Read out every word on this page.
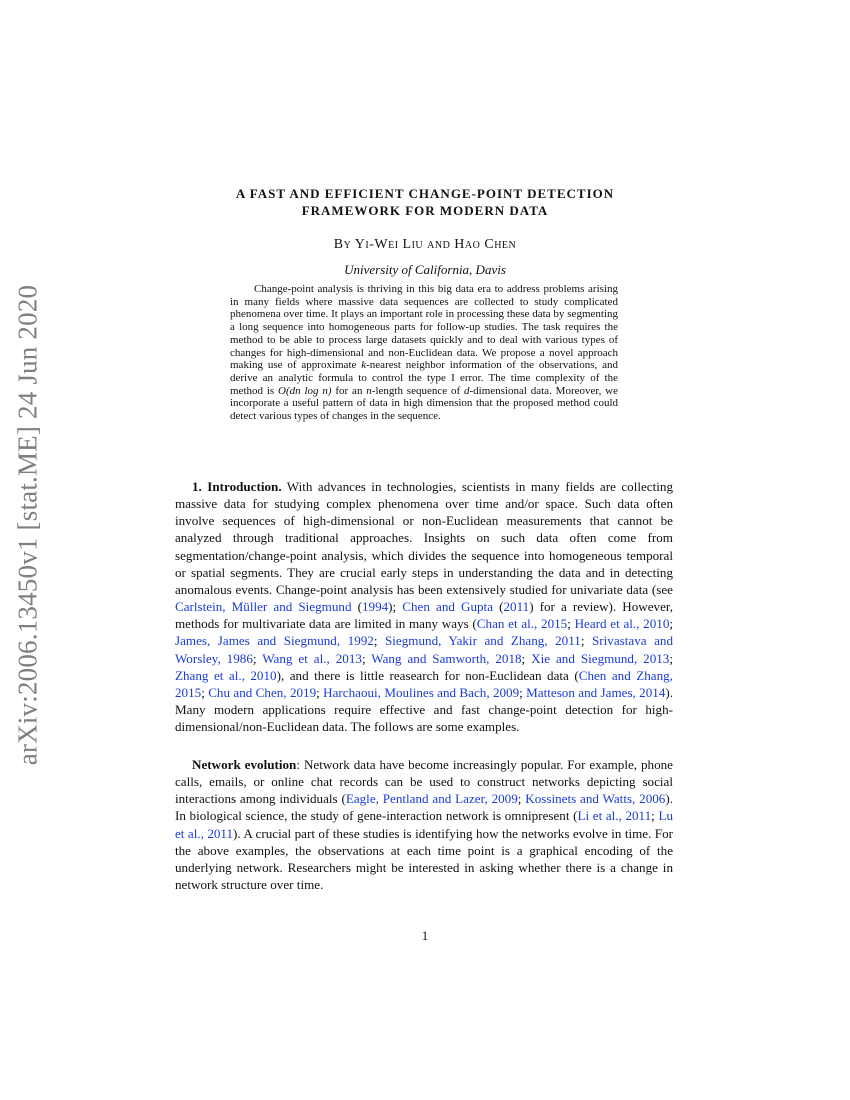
arXiv:2006.13450v1 [stat.ME] 24 Jun 2020
A FAST AND EFFICIENT CHANGE-POINT DETECTION
FRAMEWORK FOR MODERN DATA
By Yi-Wei Liu and Hao Chen
University of California, Davis

Change-point analysis is thriving in this big data era to address problems arising in many fields where massive data sequences are collected to study complicated phenomena over time. It plays an important role in processing these data by segmenting a long sequence into homogeneous parts for follow-up studies. The task requires the method to be able to process large datasets quickly and to deal with various types of changes for high-dimensional and non-Euclidean data. We propose a novel approach making use of approximate k-nearest neighbor information of the observations, and derive an analytic formula to control the type I error. The time complexity of the method is O(dn log n) for an n-length sequence of d-dimensional data. Moreover, we incorporate a useful pattern of data in high dimension that the proposed method could detect various types of changes in the sequence.

1. Introduction. With advances in technologies, scientists in many fields are collecting massive data for studying complex phenomena over time and/or space. Such data often involve sequences of high-dimensional or non-Euclidean measurements that cannot be analyzed through traditional approaches. Insights on such data often come from segmentation/change-point analysis, which divides the sequence into homogeneous temporal or spatial segments. They are crucial early steps in understanding the data and in detecting anomalous events. Change-point analysis has been extensively studied for univariate data (see Carlstein, Müller and Siegmund (1994); Chen and Gupta (2011) for a review). However, methods for multivariate data are limited in many ways (Chan et al., 2015; Heard et al., 2010; James, James and Siegmund, 1992; Siegmund, Yakir and Zhang, 2011; Srivastava and Worsley, 1986; Wang et al., 2013; Wang and Samworth, 2018; Xie and Siegmund, 2013; Zhang et al., 2010), and there is little reasearch for non-Euclidean data (Chen and Zhang, 2015; Chu and Chen, 2019; Harchaoui, Moulines and Bach, 2009; Matteson and James, 2014). Many modern applications require effective and fast change-point detection for high-dimensional/non-Euclidean data. The follows are some examples.

Network evolution: Network data have become increasingly popular. For example, phone calls, emails, or online chat records can be used to construct networks depicting social interactions among individuals (Eagle, Pentland and Lazer, 2009; Kossinets and Watts, 2006). In biological science, the study of gene-interaction network is omnipresent (Li et al., 2011; Lu et al., 2011). A crucial part of these studies is identifying how the networks evolve in time. For the above examples, the observations at each time point is a graphical encoding of the underlying network. Researchers might be interested in asking whether there is a change in network structure over time.

1
